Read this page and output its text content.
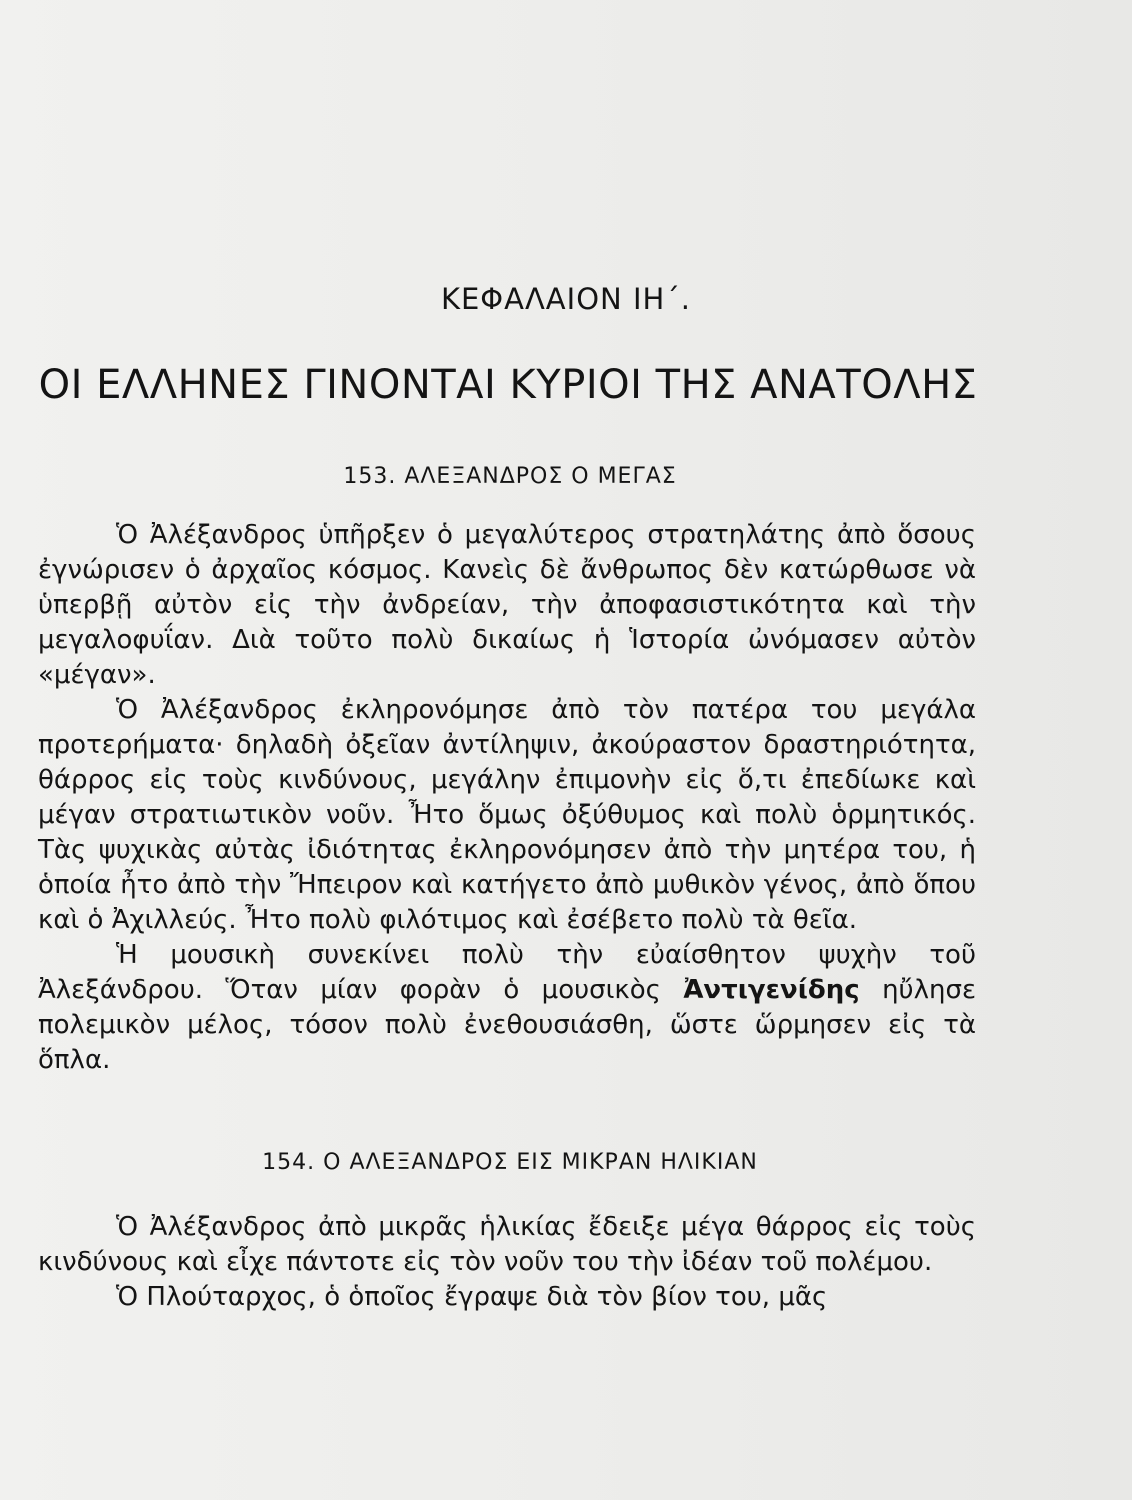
ΚΕΦΑΛΑΙΟΝ ΙΗ΄.
ΟΙ ΕΛΛΗΝΕΣ ΓΙΝΟΝΤΑΙ ΚΥΡΙΟΙ ΤΗΣ ΑΝΑΤΟΛΗΣ
153. ΑΛΕΞΑΝΔΡΟΣ Ο ΜΕΓΑΣ

Ὁ Ἀλέξανδρος ὑπῆρξεν ὁ μεγαλύτερος στρατηλάτης ἀπὸ ὅσους ἐγνώρισεν ὁ ἀρχαῖος κόσμος. Κανεὶς δὲ ἄνθρωπος δὲν κατώρθωσε νὰ ὑπερβῇ αὐτὸν εἰς τὴν ἀνδρείαν, τὴν ἀποφασιστικότητα καὶ τὴν μεγαλοφυΐαν. Διὰ τοῦτο πολὺ δικαίως ἡ Ἱστορία ὠνόμασεν αὐτὸν «μέγαν».

Ὁ Ἀλέξανδρος ἐκληρονόμησε ἀπὸ τὸν πατέρα του μεγάλα προτερήματα· δηλαδὴ ὀξεῖαν ἀντίληψιν, ἀκούραστον δραστηριότητα, θάρρος εἰς τοὺς κινδύνους, μεγάλην ἐπιμονὴν εἰς ὅ,τι ἐπεδίωκε καὶ μέγαν στρατιωτικὸν νοῦν. Ἦτο ὅμως ὀξύθυμος καὶ πολὺ ὁρμητικός. Τὰς ψυχικὰς αὐτὰς ἰδιότητας ἐκληρονόμησεν ἀπὸ τὴν μητέρα του, ἡ ὁποία ἦτο ἀπὸ τὴν Ἤπειρον καὶ κατήγετο ἀπὸ μυθικὸν γένος, ἀπὸ ὅπου καὶ ὁ Ἀχιλλεύς. Ἦτο πολὺ φιλότιμος καὶ ἐσέβετο πολὺ τὰ θεῖα.

Ἡ μουσικὴ συνεκίνει πολὺ τὴν εὐαίσθητον ψυχὴν τοῦ Ἀλεξάνδρου. Ὅταν μίαν φορὰν ὁ μουσικὸς Ἀντιγενίδης ηὔλησε πολεμικὸν μέλος, τόσον πολὺ ἐνεθουσιάσθη, ὥστε ὥρμησεν εἰς τὰ ὅπλα.

154. Ο ΑΛΕΞΑΝΔΡΟΣ ΕΙΣ ΜΙΚΡΑΝ ΗΛΙΚΙΑΝ

Ὁ Ἀλέξανδρος ἀπὸ μικρᾶς ἡλικίας ἔδειξε μέγα θάρρος εἰς τοὺς κινδύνους καὶ εἶχε πάντοτε εἰς τὸν νοῦν του τὴν ἰδέαν τοῦ πολέμου.

Ὁ Πλούταρχος, ὁ ὁποῖος ἔγραψε διὰ τὸν βίον του, μᾶς
